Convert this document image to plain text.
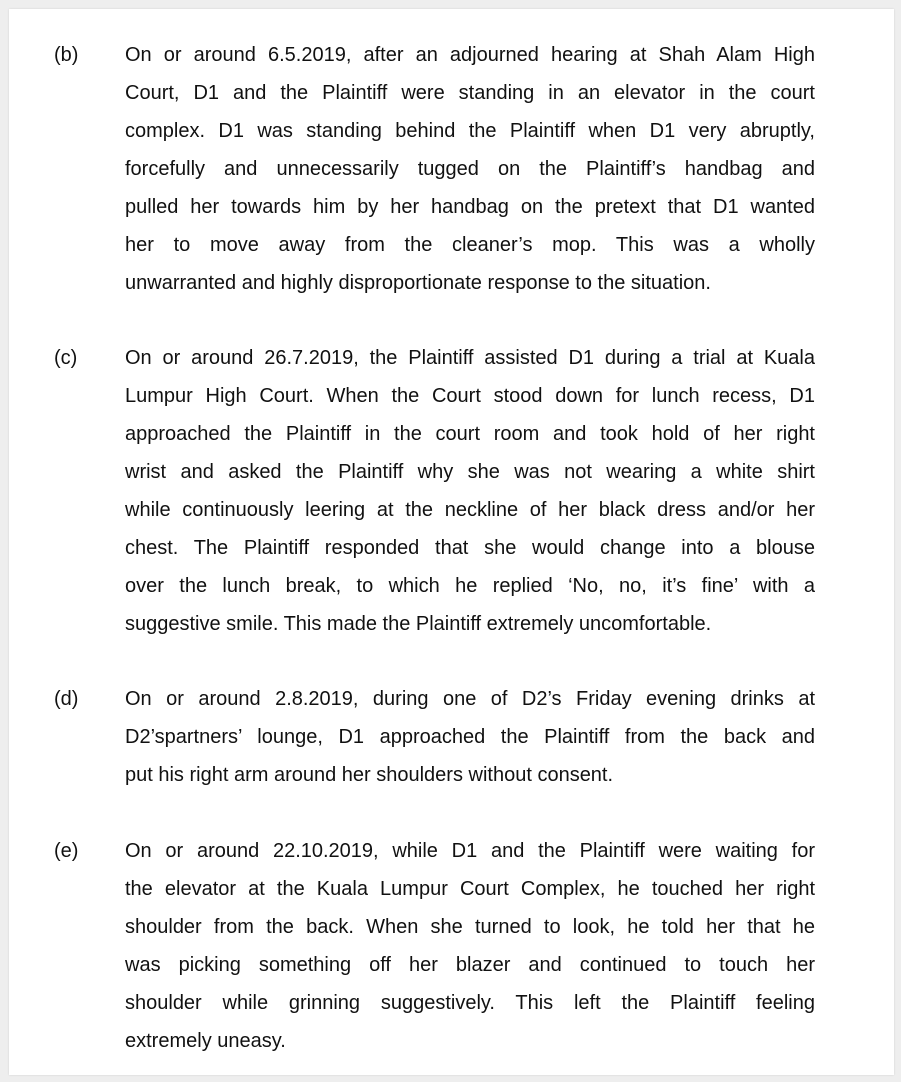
(b) On or around 6.5.2019, after an adjourned hearing at Shah Alam High
Court, D1 and the Plaintiff were standing in an elevator in the court
complex. D1 was standing behind the Plaintiff when D1 very abruptly,
forcefully and unnecessarily tugged on the Plaintiff’s handbag and
pulled her towards him by her handbag on the pretext that D1 wanted
her to move away from the cleaner’s mop. This was a wholly
unwarranted and highly disproportionate response to the situation.
(c) On or around 26.7.2019, the Plaintiff assisted D1 during a trial at Kuala
Lumpur High Court. When the Court stood down for lunch recess, D1
approached the Plaintiff in the court room and took hold of her right
wrist and asked the Plaintiff why she was not wearing a white shirt
while continuously leering at the neckline of her black dress and/or her
chest. The Plaintiff responded that she would change into a blouse
over the lunch break, to which he replied ‘No, no, it’s fine’ with a
suggestive smile. This made the Plaintiff extremely uncomfortable.
(d) On or around 2.8.2019, during one of D2’s Friday evening drinks at
D2’spartners’ lounge, D1 approached the Plaintiff from the back and
put his right arm around her shoulders without consent.
(e) On or around 22.10.2019, while D1 and the Plaintiff were waiting for
the elevator at the Kuala Lumpur Court Complex, he touched her right
shoulder from the back. When she turned to look, he told her that he
was picking something off her blazer and continued to touch her
shoulder while grinning suggestively. This left the Plaintiff feeling
extremely uneasy.
